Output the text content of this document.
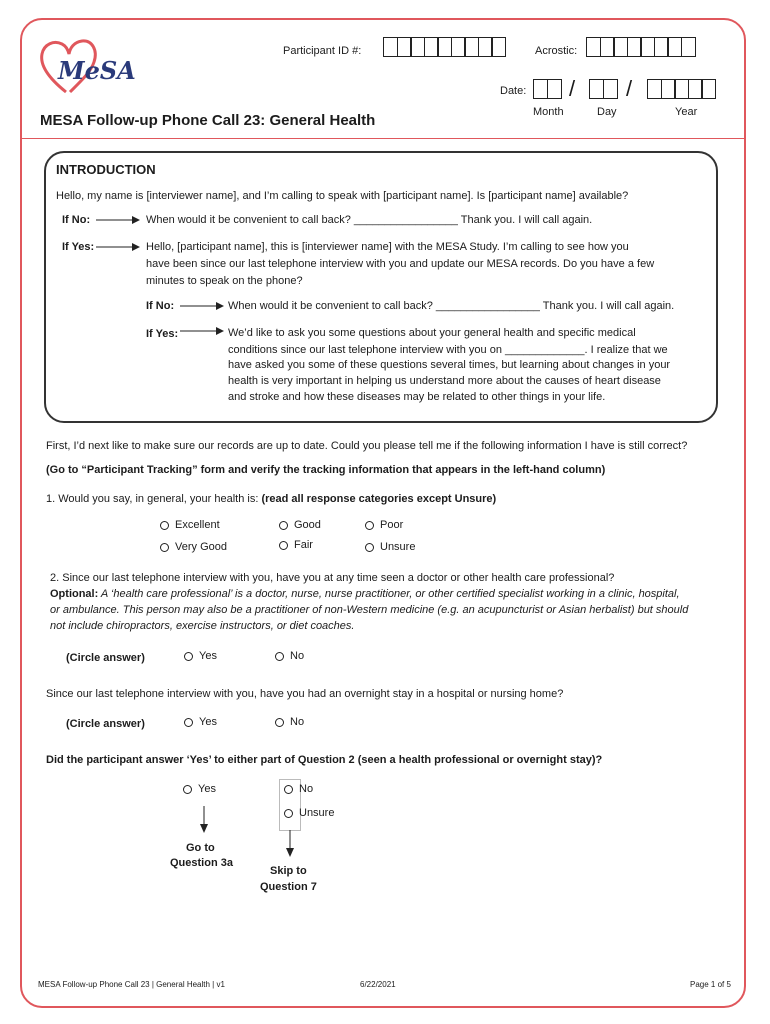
MeSA
Participant ID #:	Acrostic:
Date: / /
Month	Day	Year
MESA Follow-up Phone Call 23: General Health
INTRODUCTION
Hello, my name is [interviewer name], and I’m calling to speak with [participant name]. Is [participant name] available?
If No:	When would it be convenient to call back? _________________ Thank you. I will call again.
If Yes:	Hello, [participant name], this is [interviewer name] with the MESA Study. I’m calling to see how you
have been since our last telephone interview with you and update our MESA records. Do you have a few
minutes to speak on the phone?
If No:	When would it be convenient to call back? _________________ Thank you. I will call again.
If Yes:	We’d like to ask you some questions about your general health and specific medical
conditions since our last telephone interview with you on _____________. I realize that we
have asked you some of these questions several times, but learning about changes in your
health is very important in helping us understand more about the causes of heart disease
and stroke and how these diseases may be related to other things in your life.
First, I’d next like to make sure our records are up to date. Could you please tell me if the following information I have is still correct?
(Go to “Participant Tracking” form and verify the tracking information that appears in the left-hand column)
1. Would you say, in general, your health is: (read all response categories except Unsure)
Excellent
Very Good
Good
Fair
Poor
Unsure
2. Since our last telephone interview with you, have you at any time seen a doctor or other health care professional?
Optional: A ‘health care professional’ is a doctor, nurse, nurse practitioner, or other certified specialist working in a clinic, hospital,
or ambulance. This person may also be a practitioner of non-Western medicine (e.g. an acupuncturist or Asian herbalist) but should
not include chiropractors, exercise instructors, or diet coaches.
(Circle answer)	Yes	No
Since our last telephone interview with you, have you had an overnight stay in a hospital or nursing home?
(Circle answer)	Yes	No
Did the participant answer ‘Yes’ to either part of Question 2 (seen a health professional or overnight stay)?
Yes	No
Unsure
Go to
Question 3a
Skip to
Question 7
MESA Follow-up Phone Call 23 | General Health | v1	6/22/2021	Page 1 of 5
